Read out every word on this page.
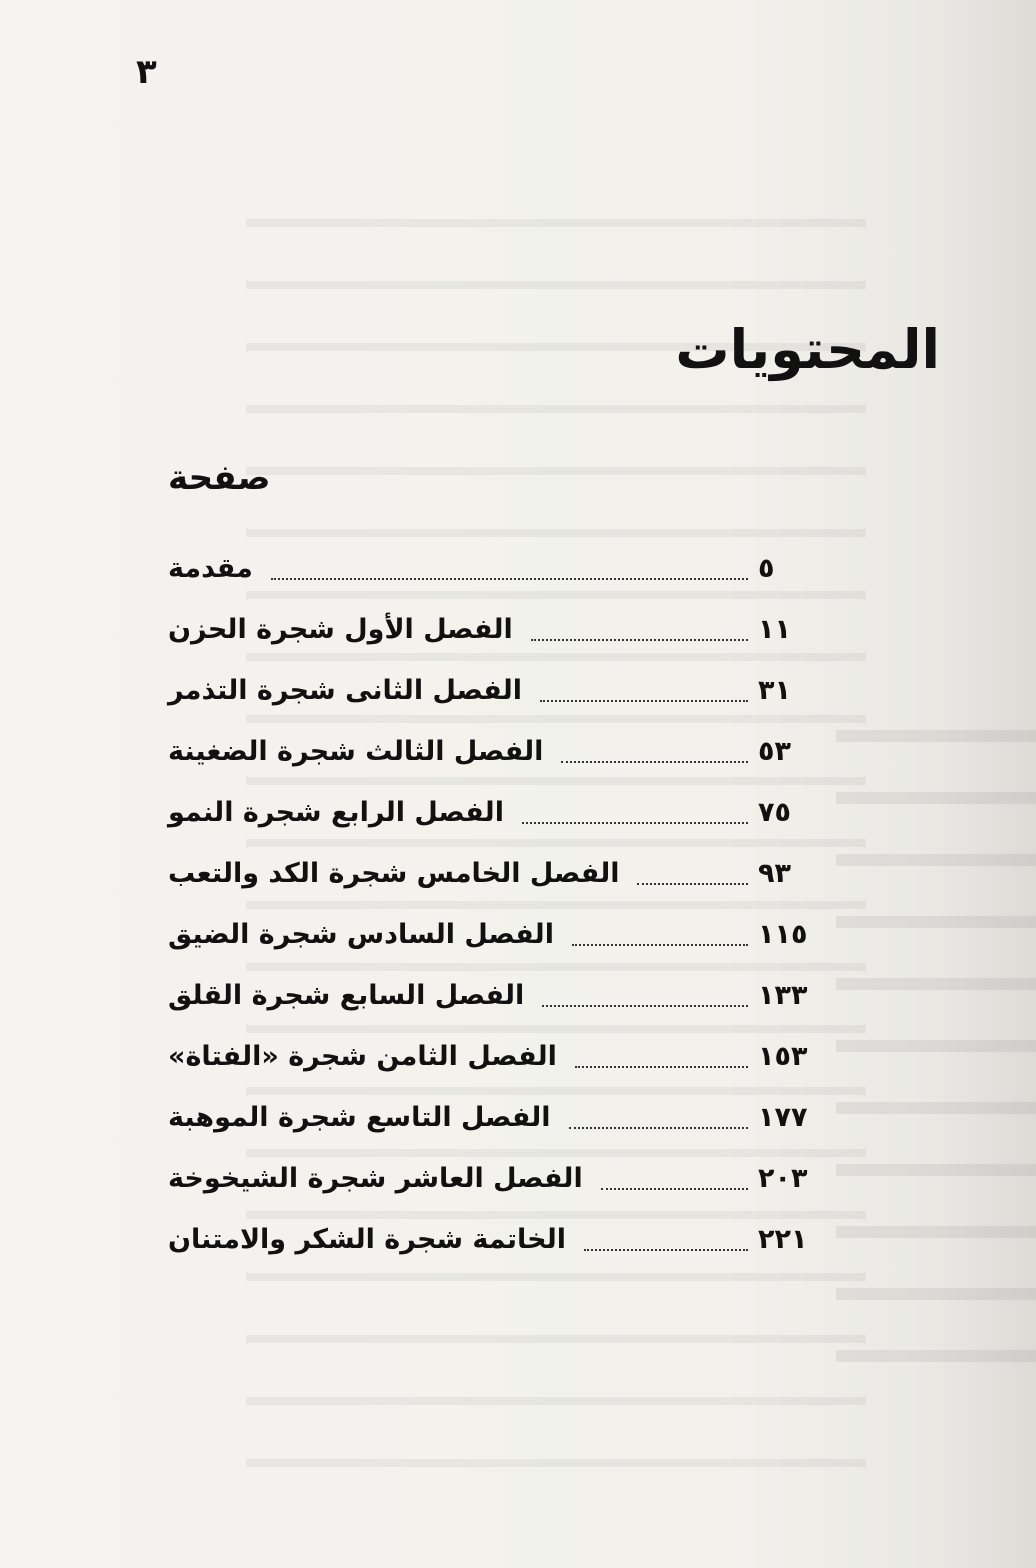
٣
المحتويات
صفحة
مقدمة	٥
الفصل الأول شجرة الحزن	١١
الفصل الثانى شجرة التذمر	٣١
الفصل الثالث شجرة الضغينة	٥٣
الفصل الرابع شجرة النمو	٧٥
الفصل الخامس شجرة الكد والتعب	٩٣
الفصل السادس شجرة الضيق	١١٥
الفصل السابع شجرة القلق	١٣٣
الفصل الثامن شجرة «الفتاة»	١٥٣
الفصل التاسع شجرة الموهبة	١٧٧
الفصل العاشر شجرة الشيخوخة	٢٠٣
الخاتمة شجرة الشكر والامتنان	٢٢١
